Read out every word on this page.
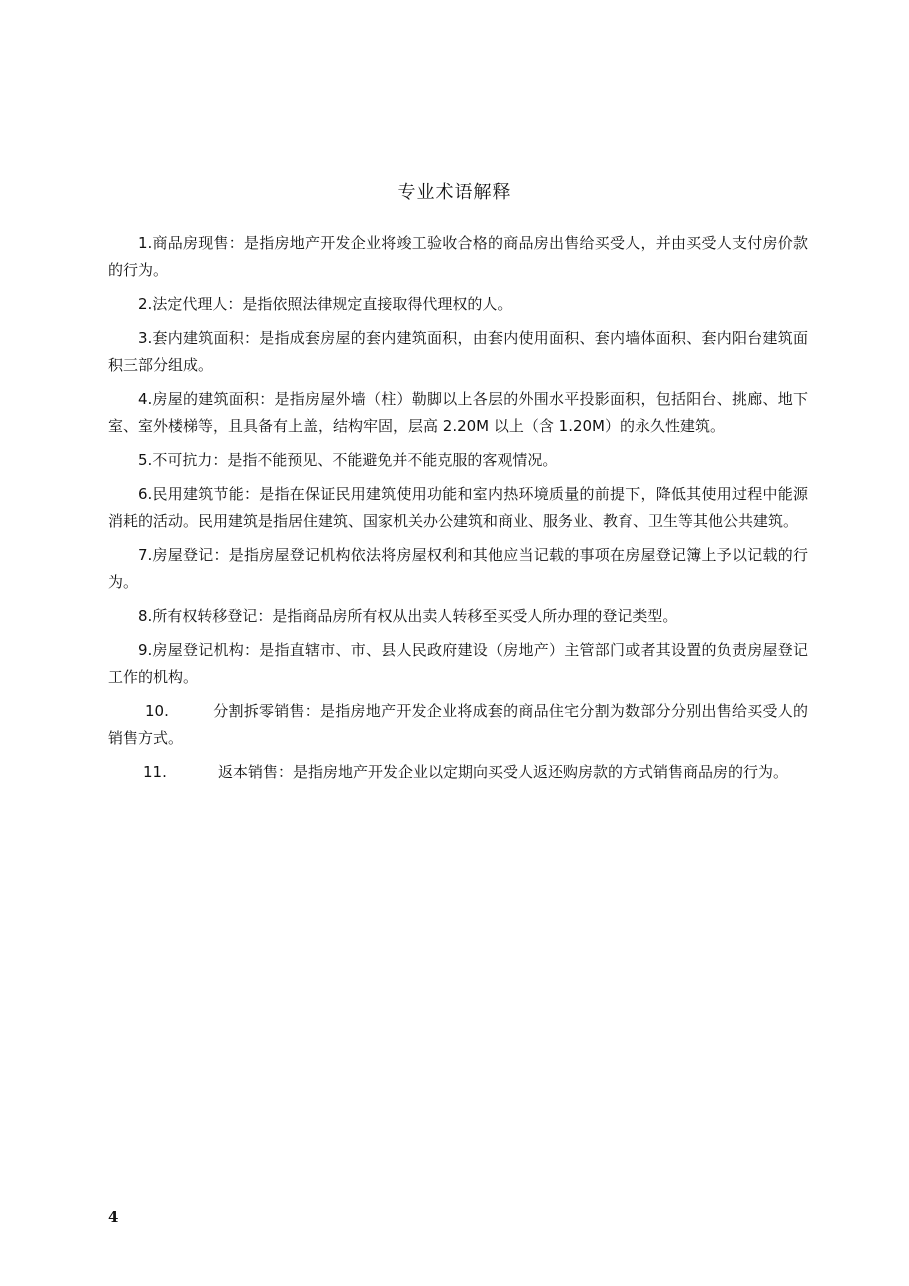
专业术语解释

1.商品房现售：是指房地产开发企业将竣工验收合格的商品房出售给买受人，并由买受人支付房价款的行为。

2.法定代理人：是指依照法律规定直接取得代理权的人。

3.套内建筑面积：是指成套房屋的套内建筑面积，由套内使用面积、套内墙体面积、套内阳台建筑面积三部分组成。

4.房屋的建筑面积：是指房屋外墙（柱）勒脚以上各层的外围水平投影面积，包括阳台、挑廊、地下室、室外楼梯等，且具备有上盖，结构牢固，层高 2.20M 以上（含 1.20M）的永久性建筑。

5.不可抗力：是指不能预见、不能避免并不能克服的客观情况。

6.民用建筑节能：是指在保证民用建筑使用功能和室内热环境质量的前提下，降低其使用过程中能源消耗的活动。民用建筑是指居住建筑、国家机关办公建筑和商业、服务业、教育、卫生等其他公共建筑。

7.房屋登记：是指房屋登记机构依法将房屋权利和其他应当记载的事项在房屋登记簿上予以记载的行为。

8.所有权转移登记：是指商品房所有权从出卖人转移至买受人所办理的登记类型。

9.房屋登记机构：是指直辖市、市、县人民政府建设（房地产）主管部门或者其设置的负责房屋登记工作的机构。

10.	分割拆零销售：是指房地产开发企业将成套的商品住宅分割为数部分分别出售给买受人的销售方式。

11.	返本销售：是指房地产开发企业以定期向买受人返还购房款的方式销售商品房的行为。

4
